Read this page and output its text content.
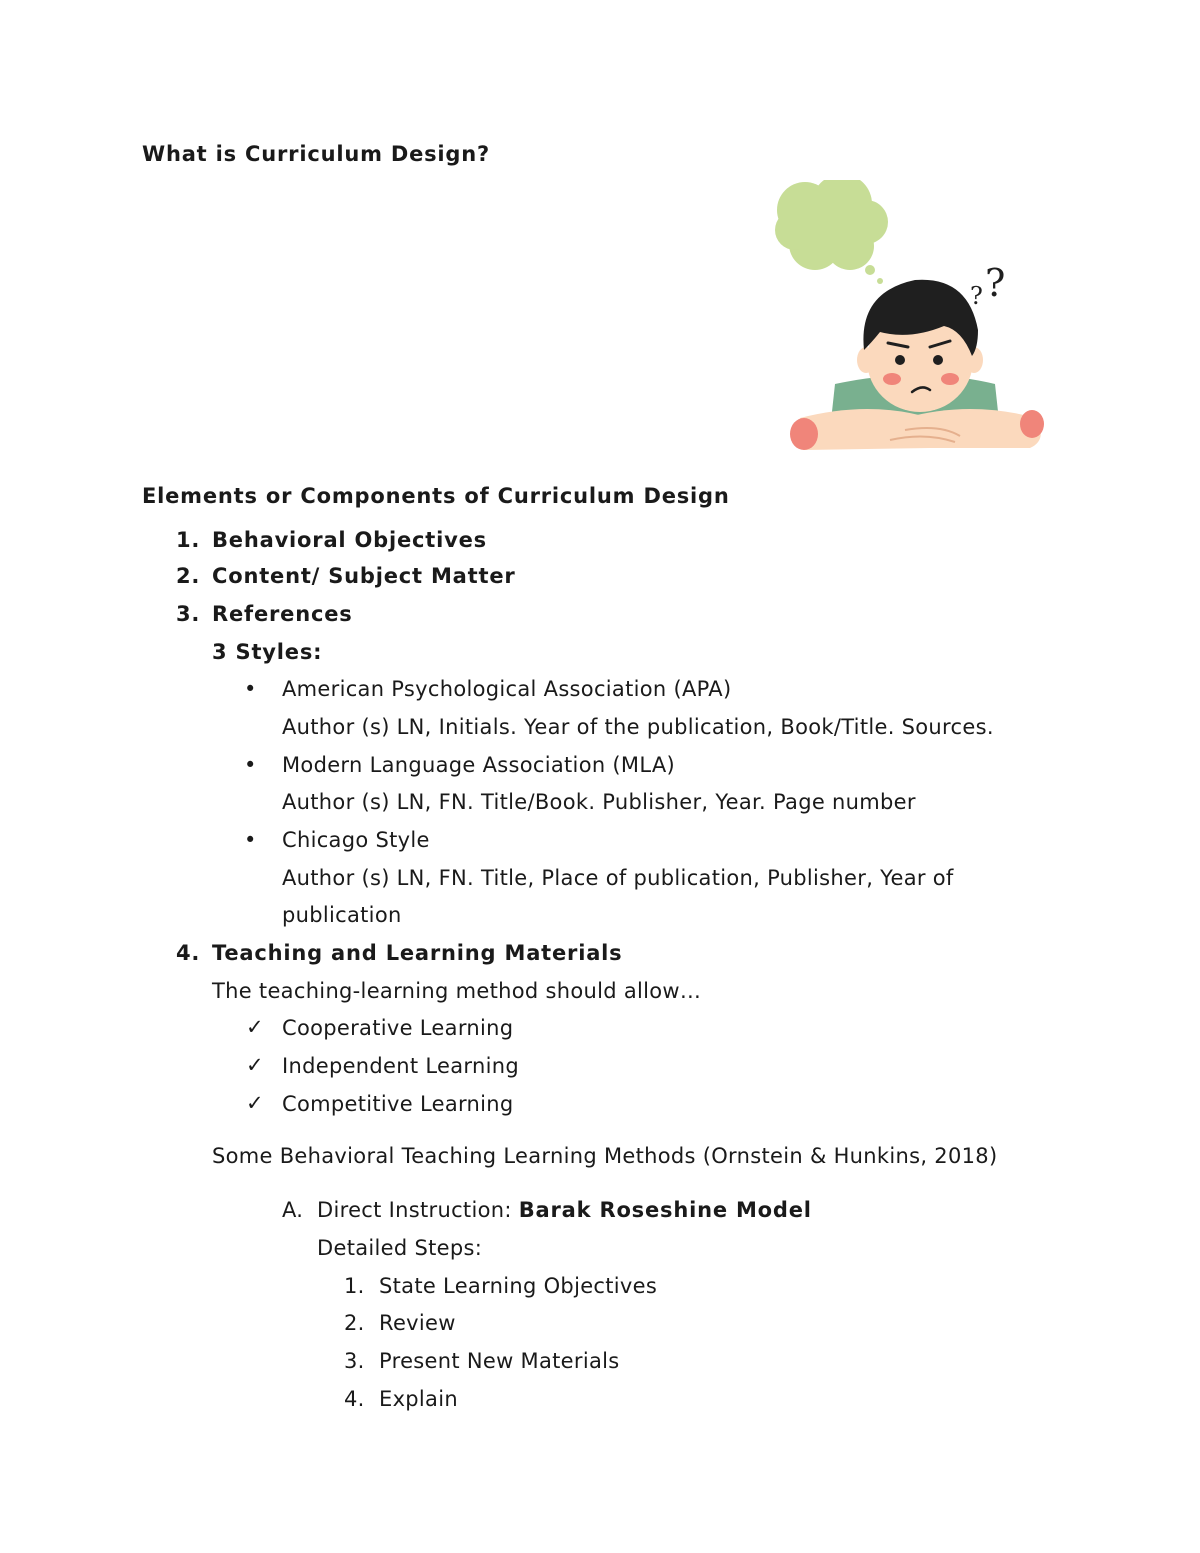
What is Curriculum Design?
?
?
Elements or Components of Curriculum Design
1. Behavioral Objectives
2. Content/ Subject Matter
3. References
3 Styles:
• American Psychological Association (APA)
Author (s) LN, Initials. Year of the publication, Book/Title. Sources.
• Modern Language Association (MLA)
Author (s) LN, FN. Title/Book. Publisher, Year. Page number
• Chicago Style
Author (s) LN, FN. Title, Place of publication, Publisher, Year of
publication
4. Teaching and Learning Materials
The teaching-learning method should allow…
✓ Cooperative Learning
✓ Independent Learning
✓ Competitive Learning
Some Behavioral Teaching Learning Methods (Ornstein & Hunkins, 2018)
A. Direct Instruction: Barak Roseshine Model
Detailed Steps:
1. State Learning Objectives
2. Review
3. Present New Materials
4. Explain
